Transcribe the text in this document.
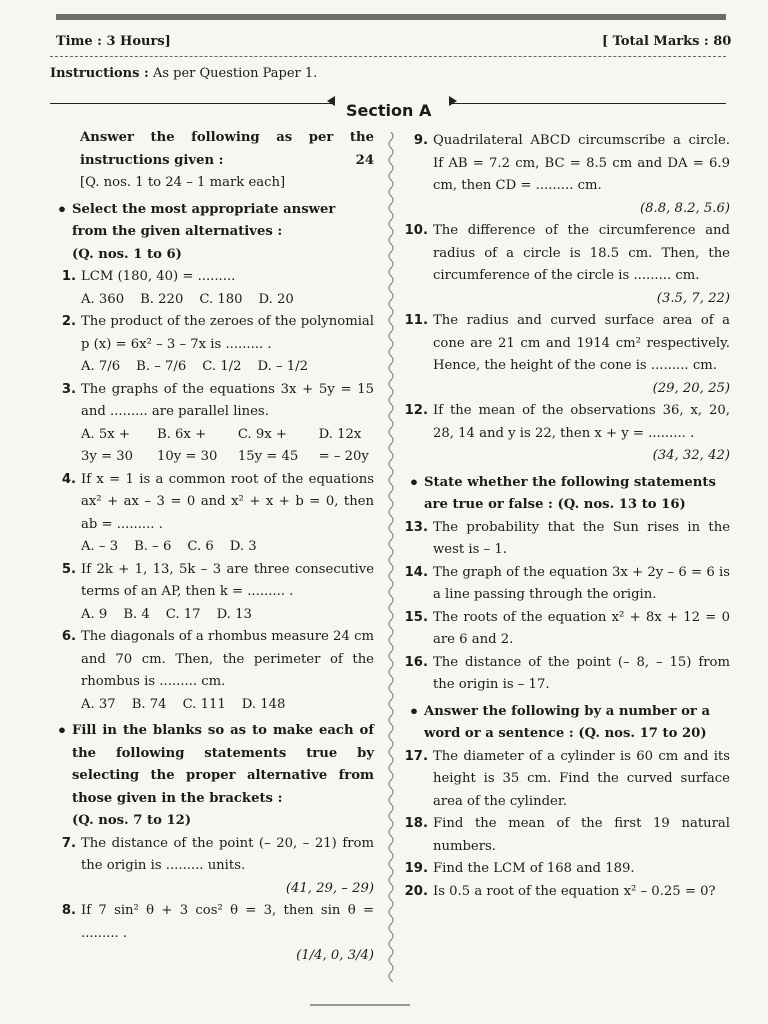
Time : 3 Hours]	[ Total Marks : 80
Instructions : As per Question Paper 1.
Section A
Answer the following as per the
instructions given :	24
[Q. nos. 1 to 24 – 1 mark each]
• Select the most appropriate answer from the given alternatives :
(Q. nos. 1 to 6)
1. LCM (180, 40) = .........
A. 360 B. 220 C. 180 D. 20
2. The product of the zeroes of the polynomial p (x) = 6x² – 3 – 7x is ......... .
A. 7/6 B. – 7/6 C. 1/2 D. – 1/2
3. The graphs of the equations 3x + 5y = 15 and ......... are parallel lines.
A. 5x + 3y = 30
B. 6x + 10y = 30
C. 9x + 15y = 45
D. 12x = – 20y
4. If x = 1 is a common root of the equations ax² + ax – 3 = 0 and x² + x + b = 0, then ab = ......... .
A. – 3 B. – 6 C. 6 D. 3
5. If 2k + 1, 13, 5k – 3 are three consecutive terms of an AP, then k = ......... .
A. 9 B. 4 C. 17 D. 13
6. The diagonals of a rhombus measure 24 cm and 70 cm. Then, the perimeter of the rhombus is ......... cm.
A. 37 B. 74 C. 111 D. 148
• Fill in the blanks so as to make each of the following statements true by selecting the proper alternative from those given in the brackets :
(Q. nos. 7 to 12)
7. The distance of the point (– 20, – 21) from the origin is ......... units.
(41, 29, – 29)
8. If 7 sin² θ + 3 cos² θ = 3, then sin θ = ......... .
(1/4, 0, 3/4)
9. Quadrilateral ABCD circumscribe a circle. If AB = 7.2 cm, BC = 8.5 cm and DA = 6.9 cm, then CD = ......... cm.
(8.8, 8.2, 5.6)
10. The difference of the circumference and radius of a circle is 18.5 cm. Then, the circumference of the circle is ......... cm.
(3.5, 7, 22)
11. The radius and curved surface area of a cone are 21 cm and 1914 cm² respectively. Hence, the height of the cone is ......... cm.
(29, 20, 25)
12. If the mean of the observations 36, x, 20, 28, 14 and y is 22, then x + y = ......... .
(34, 32, 42)
• State whether the following statements are true or false : (Q. nos. 13 to 16)
13. The probability that the Sun rises in the west is – 1.
14. The graph of the equation 3x + 2y – 6 = 6 is a line passing through the origin.
15. The roots of the equation x² + 8x + 12 = 0 are 6 and 2.
16. The distance of the point (– 8, – 15) from the origin is – 17.
• Answer the following by a number or a word or a sentence : (Q. nos. 17 to 20)
17. The diameter of a cylinder is 60 cm and its height is 35 cm. Find the curved surface area of the cylinder.
18. Find the mean of the first 19 natural numbers.
19. Find the LCM of 168 and 189.
20. Is 0.5 a root of the equation x² – 0.25 = 0?
